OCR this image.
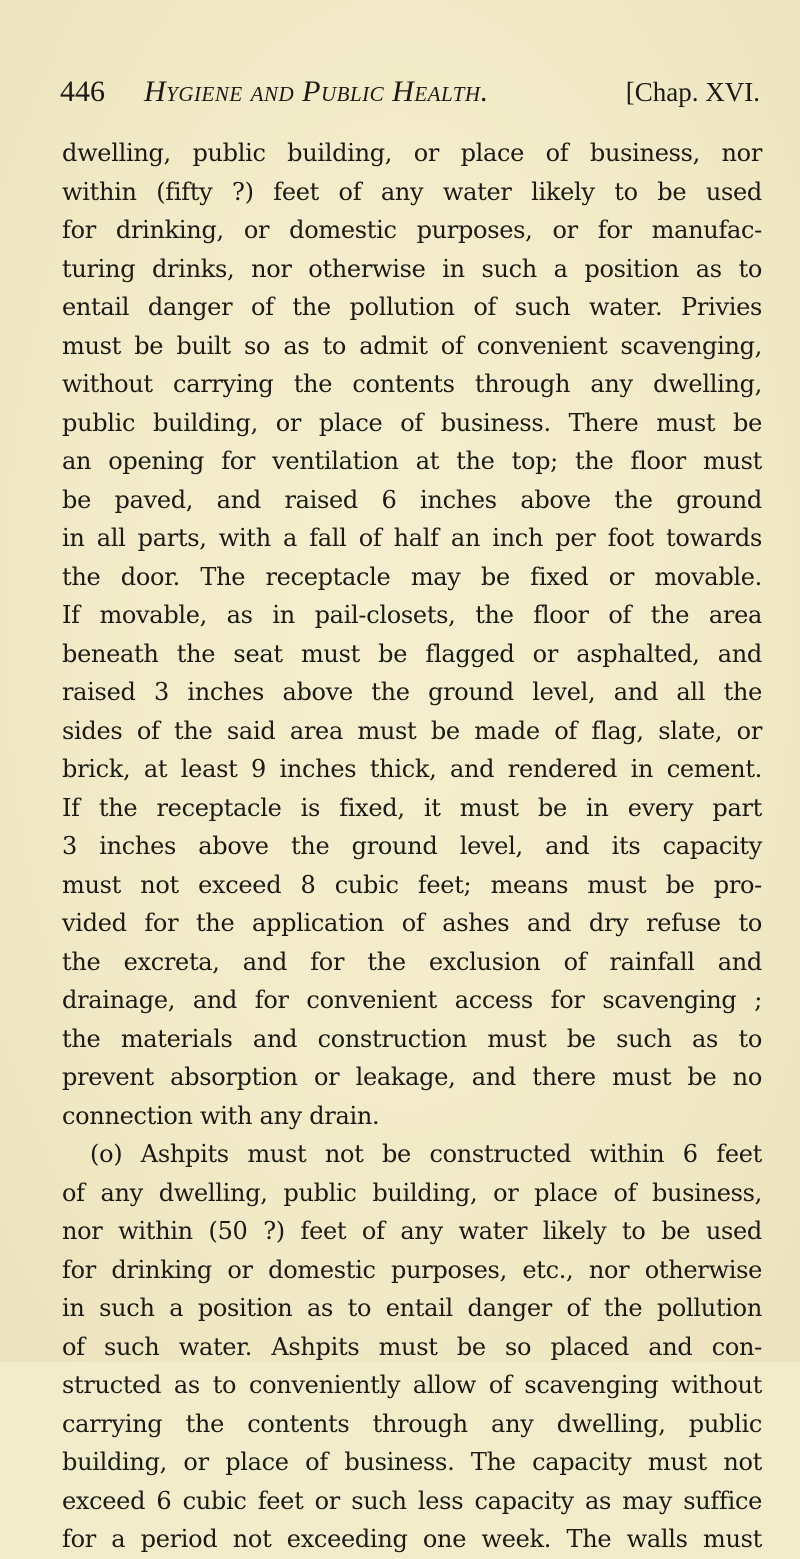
446 Hygiene and Public Health.	[Chap. XVI.
dwelling, public building, or place of business, nor
within (fifty ?) feet of any water likely to be used
for drinking, or domestic purposes, or for manufac-
turing drinks, nor otherwise in such a position as to
entail danger of the pollution of such water. Privies
must be built so as to admit of convenient scavenging,
without carrying the contents through any dwelling,
public building, or place of business. There must be
an opening for ventilation at the top; the floor must
be paved, and raised 6 inches above the ground
in all parts, with a fall of half an inch per foot towards
the door. The receptacle may be fixed or movable.
If movable, as in pail-closets, the floor of the area
beneath the seat must be flagged or asphalted, and
raised 3 inches above the ground level, and all the
sides of the said area must be made of flag, slate, or
brick, at least 9 inches thick, and rendered in cement.
If the receptacle is fixed, it must be in every part
3 inches above the ground level, and its capacity
must not exceed 8 cubic feet; means must be pro-
vided for the application of ashes and dry refuse to
the excreta, and for the exclusion of rainfall and
drainage, and for convenient access for scavenging ;
the materials and construction must be such as to
prevent absorption or leakage, and there must be no
connection with any drain.
(o) Ashpits must not be constructed within 6 feet
of any dwelling, public building, or place of business,
nor within (50 ?) feet of any water likely to be used
for drinking or domestic purposes, etc., nor otherwise
in such a position as to entail danger of the pollution
of such water. Ashpits must be so placed and con-
structed as to conveniently allow of scavenging without
carrying the contents through any dwelling, public
building, or place of business. The capacity must not
exceed 6 cubic feet or such less capacity as may suffice
for a period not exceeding one week. The walls must
